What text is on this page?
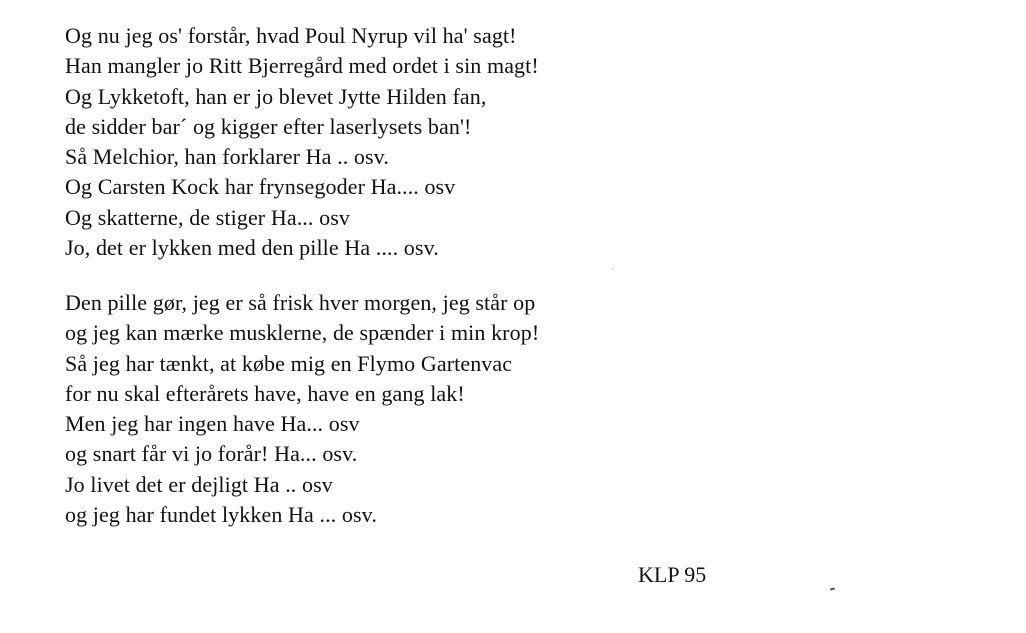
Og nu jeg os' forstår, hvad Poul Nyrup vil ha' sagt!
Han mangler jo Ritt Bjerregård med ordet i sin magt!
Og Lykketoft, han er jo blevet Jytte Hilden fan,
de sidder bar´ og kigger efter laserlysets ban'!
Så Melchior, han forklarer Ha .. osv.
Og Carsten Kock har frynsegoder Ha.... osv
Og skatterne, de stiger Ha... osv
Jo, det er lykken med den pille Ha .... osv.
Den pille gør, jeg er så frisk hver morgen, jeg står op
og jeg kan mærke musklerne, de spænder i min krop!
Så jeg har tænkt, at købe mig en Flymo Gartenvac
for nu skal efterårets have, have en gang lak!
Men jeg har ingen have Ha... osv
og snart får vi jo forår! Ha... osv.
Jo livet det er dejligt Ha .. osv
og jeg har fundet lykken Ha ... osv.
KLP 95
